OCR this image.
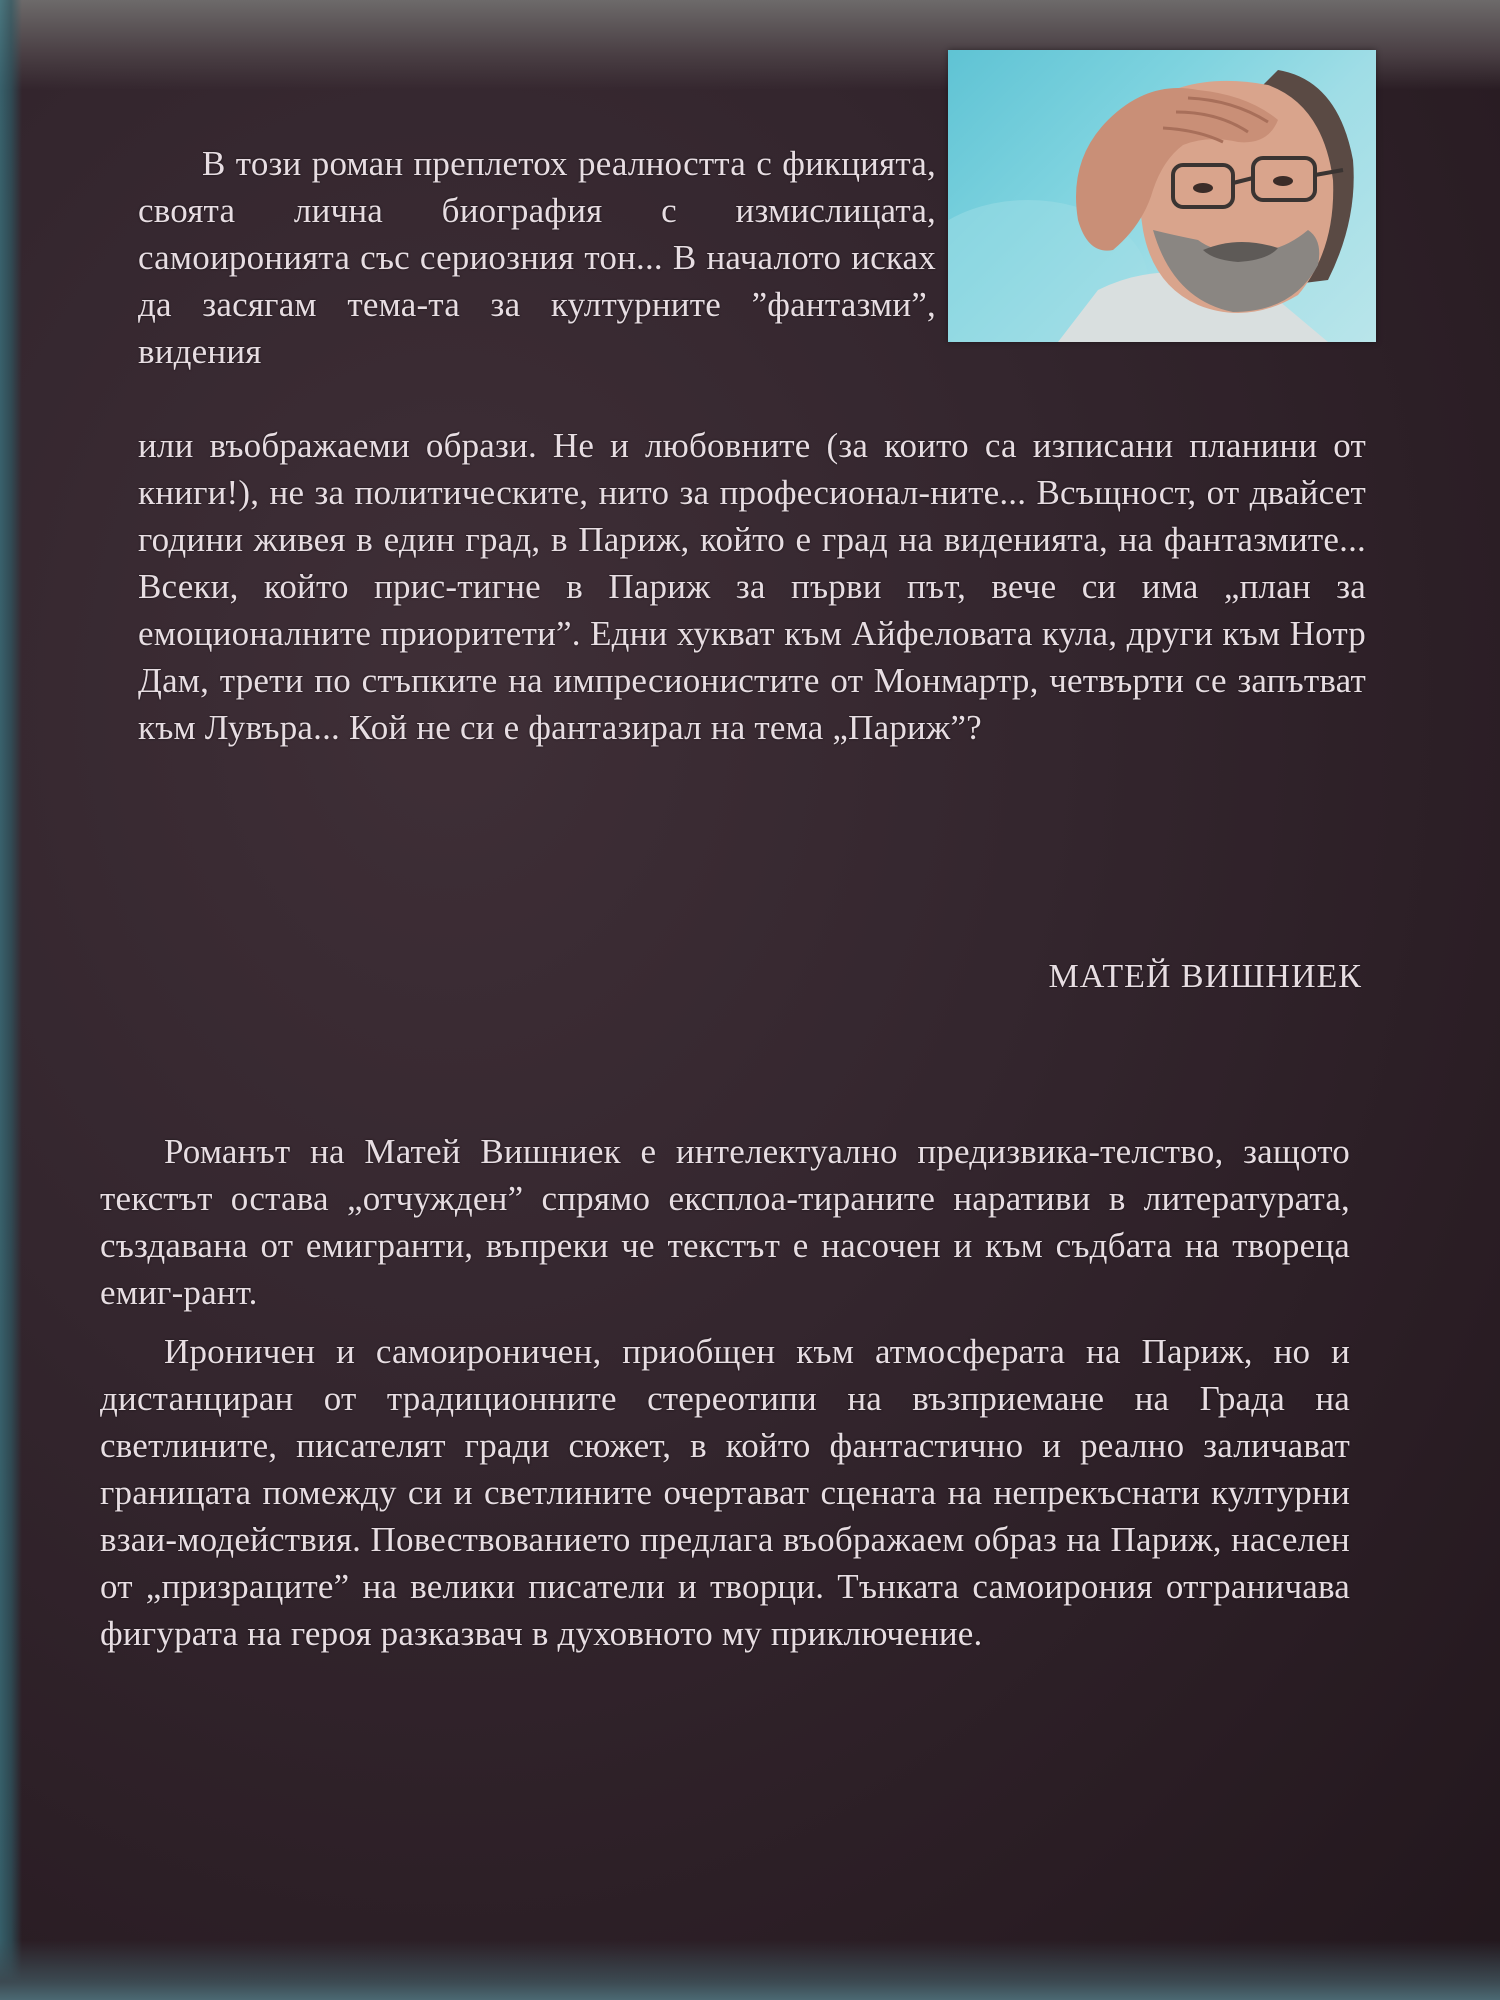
В този роман преплетох реалността с фикцията, своята лична биография с измислицата, самоиронията със сериозния тон... В началото исках да засягам тема-та за културните ”фантазми”, видения

или въображаеми образи. Не и любовните (за които са изписани планини от книги!), не за политическите, нито за професионал-ните... Всъщност, от двайсет години живея в един град, в Париж, който е град на виденията, на фантазмите... Всеки, който прис-тигне в Париж за първи път, вече си има „план за емоционалните приоритети”. Едни хукват към Айфеловата кула, други към Нотр Дам, трети по стъпките на импресионистите от Монмартр, четвърти се запътват към Лувъра... Кой не си е фантазирал на тема „Париж”?

МАТЕЙ ВИШНИЕК

Романът на Матей Вишниек е интелектуално предизвика-телство, защото текстът остава „отчужден” спрямо експлоа-тираните наративи в литературата, създавана от емигранти, въпреки че текстът е насочен и към съдбата на твореца емиг-рант.

Ироничен и самоироничен, приобщен към атмосферата на Париж, но и дистанциран от традиционните стереотипи на възприемане на Града на светлините, писателят гради сюжет, в който фантастично и реално заличават границата помежду си и светлините очертават сцената на непрекъснати културни взаи-модействия. Повествованието предлага въображаем образ на Париж, населен от „призраците” на велики писатели и творци. Тънката самоирония отграничава фигурата на героя разказвач в духовното му приключение.
